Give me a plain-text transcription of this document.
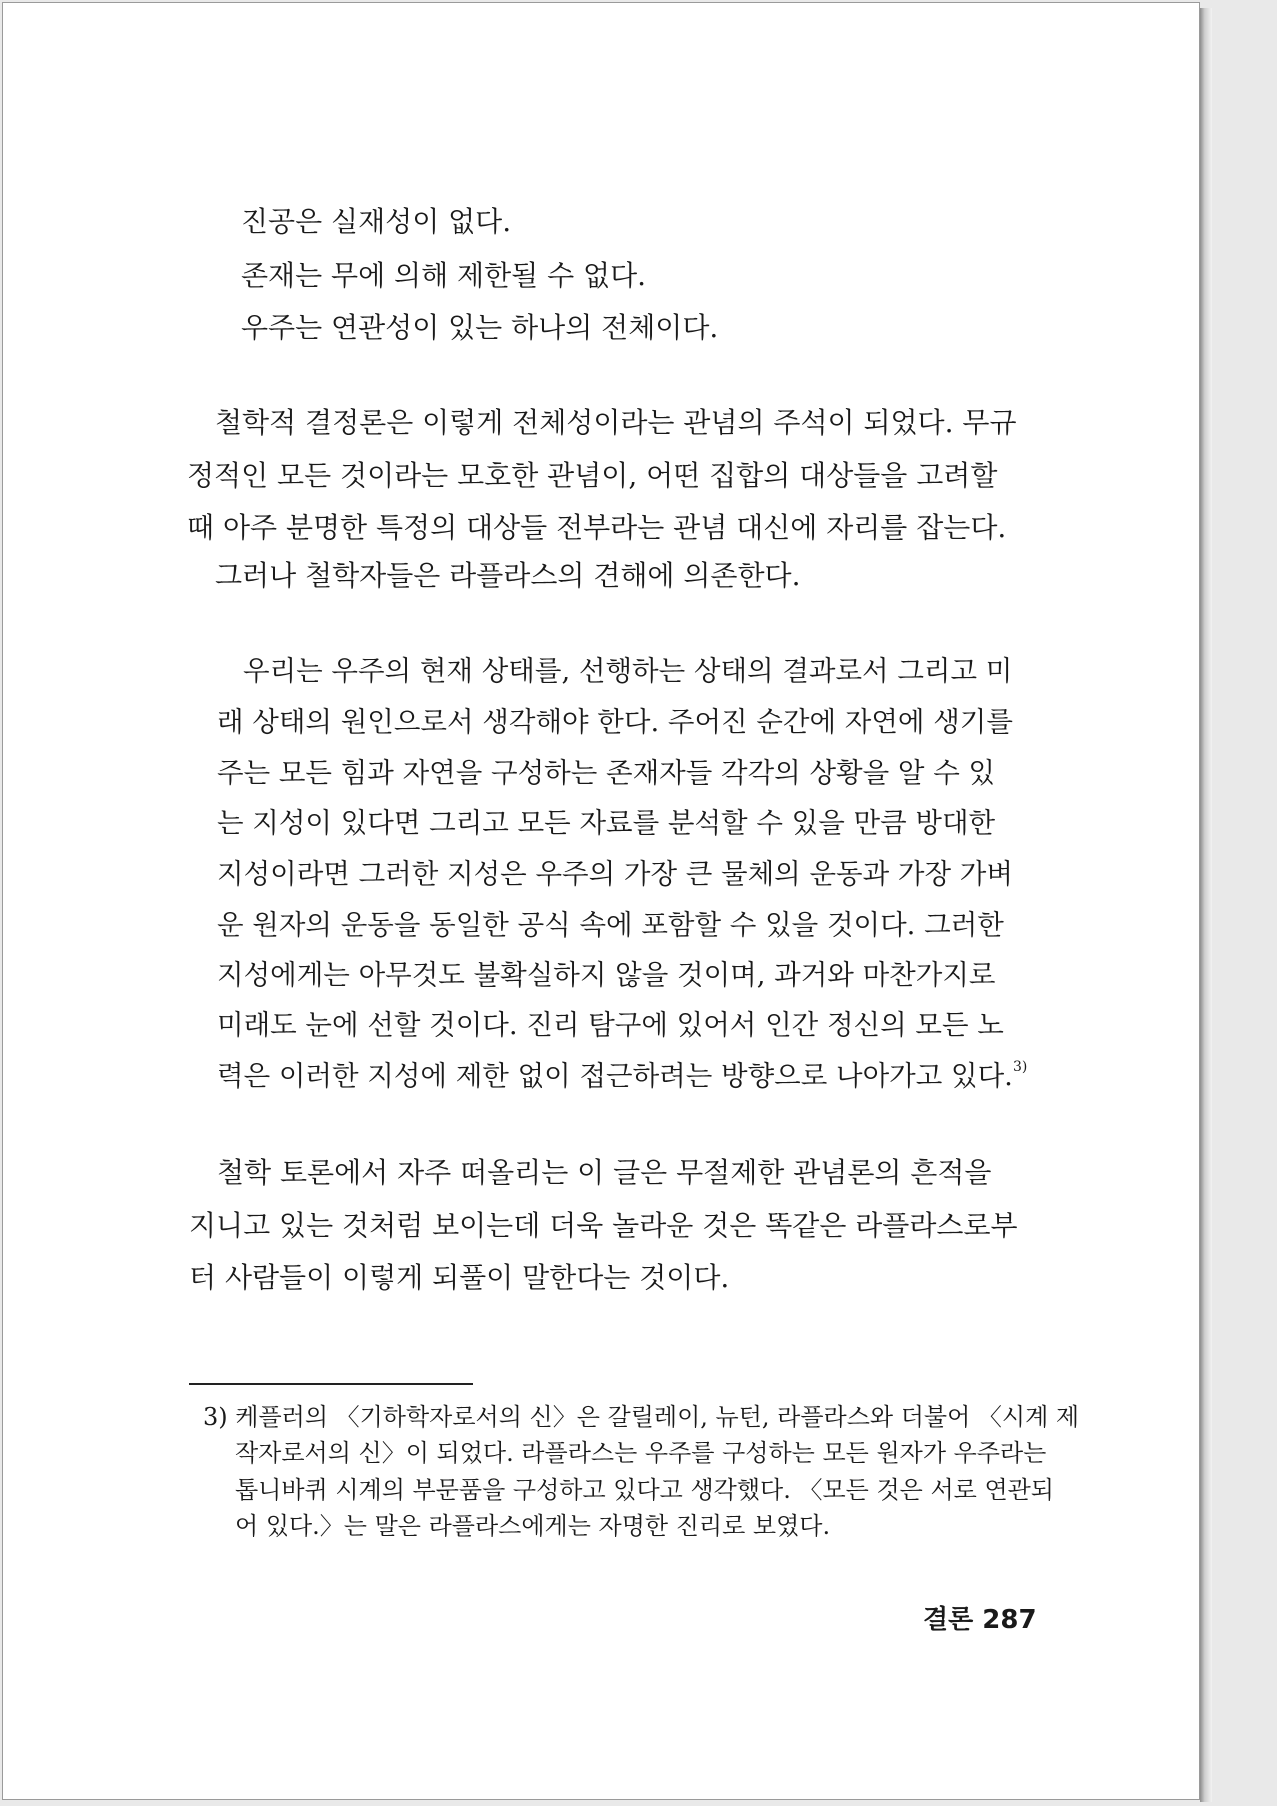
진공은 실재성이 없다.
존재는 무에 의해 제한될 수 없다.
우주는 연관성이 있는 하나의 전체이다.
철학적 결정론은 이렇게 전체성이라는 관념의 주석이 되었다. 무규
정적인 모든 것이라는 모호한 관념이, 어떤 집합의 대상들을 고려할
때 아주 분명한 특정의 대상들 전부라는 관념 대신에 자리를 잡는다.
그러나 철학자들은 라플라스의 견해에 의존한다.
우리는 우주의 현재 상태를, 선행하는 상태의 결과로서 그리고 미
래 상태의 원인으로서 생각해야 한다. 주어진 순간에 자연에 생기를
주는 모든 힘과 자연을 구성하는 존재자들 각각의 상황을 알 수 있
는 지성이 있다면 그리고 모든 자료를 분석할 수 있을 만큼 방대한
지성이라면 그러한 지성은 우주의 가장 큰 물체의 운동과 가장 가벼
운 원자의 운동을 동일한 공식 속에 포함할 수 있을 것이다. 그러한
지성에게는 아무것도 불확실하지 않을 것이며, 과거와 마찬가지로
미래도 눈에 선할 것이다. 진리 탐구에 있어서 인간 정신의 모든 노
력은 이러한 지성에 제한 없이 접근하려는 방향으로 나아가고 있다.$^{3)}$
철학 토론에서 자주 떠올리는 이 글은 무절제한 관념론의 흔적을
지니고 있는 것처럼 보이는데 더욱 놀라운 것은 똑같은 라플라스로부
터 사람들이 이렇게 되풀이 말한다는 것이다.
3) 케플러의 〈기하학자로서의 신〉은 갈릴레이, 뉴턴, 라플라스와 더불어 〈시계 제
작자로서의 신〉이 되었다. 라플라스는 우주를 구성하는 모든 원자가 우주라는
톱니바퀴 시계의 부문품을 구성하고 있다고 생각했다. 〈모든 것은 서로 연관되
어 있다.〉는 말은 라플라스에게는 자명한 진리로 보였다.
결론 287
